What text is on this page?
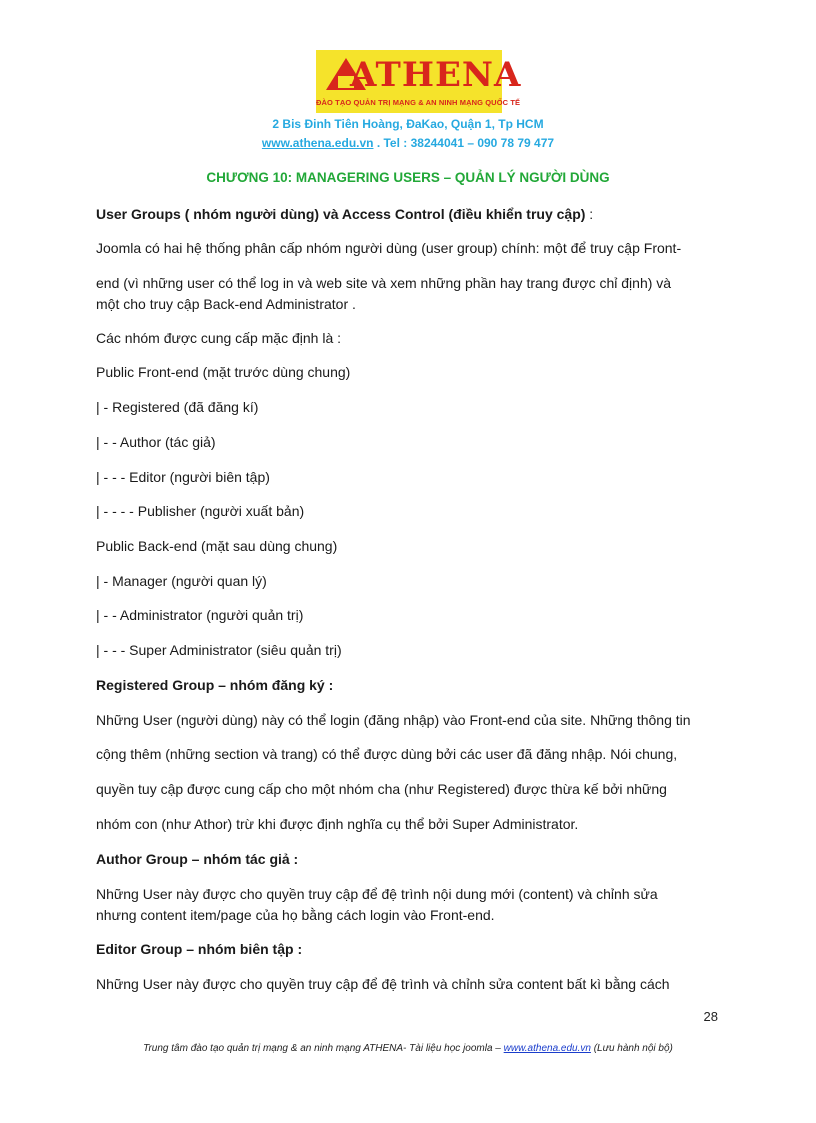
ATHENA
ĐÀO TẠO QUẢN TRỊ MẠNG & AN NINH MẠNG QUỐC TẾ
2 Bis Đinh Tiên Hoàng, ĐaKao, Quận 1, Tp HCM
www.athena.edu.vn . Tel : 38244041 – 090 78 79 477
CHƯƠNG 10: MANAGERING USERS – QUẢN LÝ NGƯỜI DÙNG
User Groups ( nhóm người dùng) và Access Control (điều khiển truy cập) :
Joomla có hai hệ thống phân cấp nhóm người dùng (user group) chính: một để truy cập Front-
end (vì những user có thể log in và web site và xem những phần hay trang được chỉ định) và
một cho truy cập Back-end Administrator .
Các nhóm được cung cấp mặc định là :
Public Front-end (mặt trước dùng chung)
| - Registered (đã đăng kí)
| - - Author (tác giả)
| - - - Editor (người biên tập)
| - - - - Publisher (người xuất bản)
Public Back-end (mặt sau dùng chung)
| - Manager (người quan lý)
| - - Administrator (người quản trị)
| - - - Super Administrator (siêu quản trị)
Registered Group – nhóm đăng ký :
Những User (người dùng) này có thể login (đăng nhập) vào Front-end của site. Những thông tin
cộng thêm (những section và trang) có thể được dùng bởi các user đã đăng nhập. Nói chung,
quyền tuy cập được cung cấp cho một nhóm cha (như Registered) được thừa kế bởi những
nhóm con (như Athor) trừ khi được định nghĩa cụ thể bởi Super Administrator.
Author Group – nhóm tác giả :
Những User này được cho quyền truy cập để đệ trình nội dung mới (content) và chỉnh sửa
nhưng content item/page của họ bằng cách login vào Front-end.
Editor Group – nhóm biên tập :
Những User này được cho quyền truy cập để đệ trình và chỉnh sửa content bất kì bằng cách
28
Trung tâm đào tạo quản trị mạng & an ninh mạng ATHENA- Tài liệu học joomla – www.athena.edu.vn (Lưu hành nội bộ)
